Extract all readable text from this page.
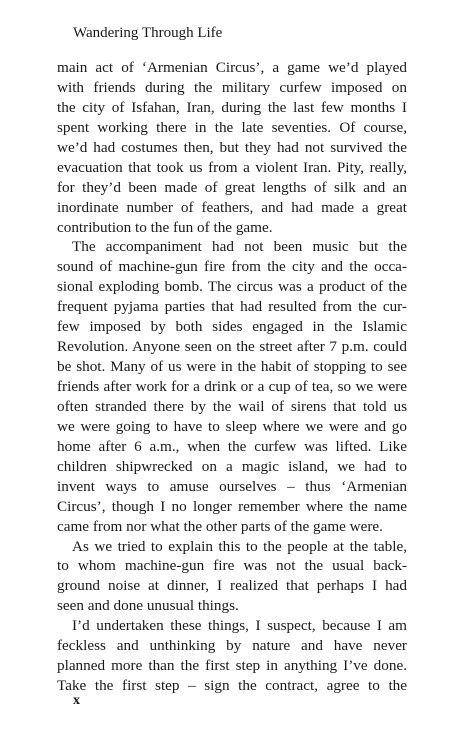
Wandering Through Life
main act of ‘Armenian Circus’, a game we’d played
with friends during the military curfew imposed on
the city of Isfahan, Iran, during the last few months I
spent working there in the late seventies. Of course,
we’d had costumes then, but they had not survived the
evacuation that took us from a violent Iran. Pity, really,
for they’d been made of great lengths of silk and an
inordinate number of feathers, and had made a great
contribution to the fun of the game.
The accompaniment had not been music but the
sound of machine-gun fire from the city and the occa-
sional exploding bomb. The circus was a product of the
frequent pyjama parties that had resulted from the cur-
few imposed by both sides engaged in the Islamic
Revolution. Anyone seen on the street after 7 p.m. could
be shot. Many of us were in the habit of stopping to see
friends after work for a drink or a cup of tea, so we were
often stranded there by the wail of sirens that told us
we were going to have to sleep where we were and go
home after 6 a.m., when the curfew was lifted. Like
children shipwrecked on a magic island, we had to
invent ways to amuse ourselves – thus ‘Armenian
Circus’, though I no longer remember where the name
came from nor what the other parts of the game were.
As we tried to explain this to the people at the table,
to whom machine-gun fire was not the usual back-
ground noise at dinner, I realized that perhaps I had
seen and done unusual things.
I’d undertaken these things, I suspect, because I am
feckless and unthinking by nature and have never
planned more than the first step in anything I’ve done.
Take the first step – sign the contract, agree to the
x
